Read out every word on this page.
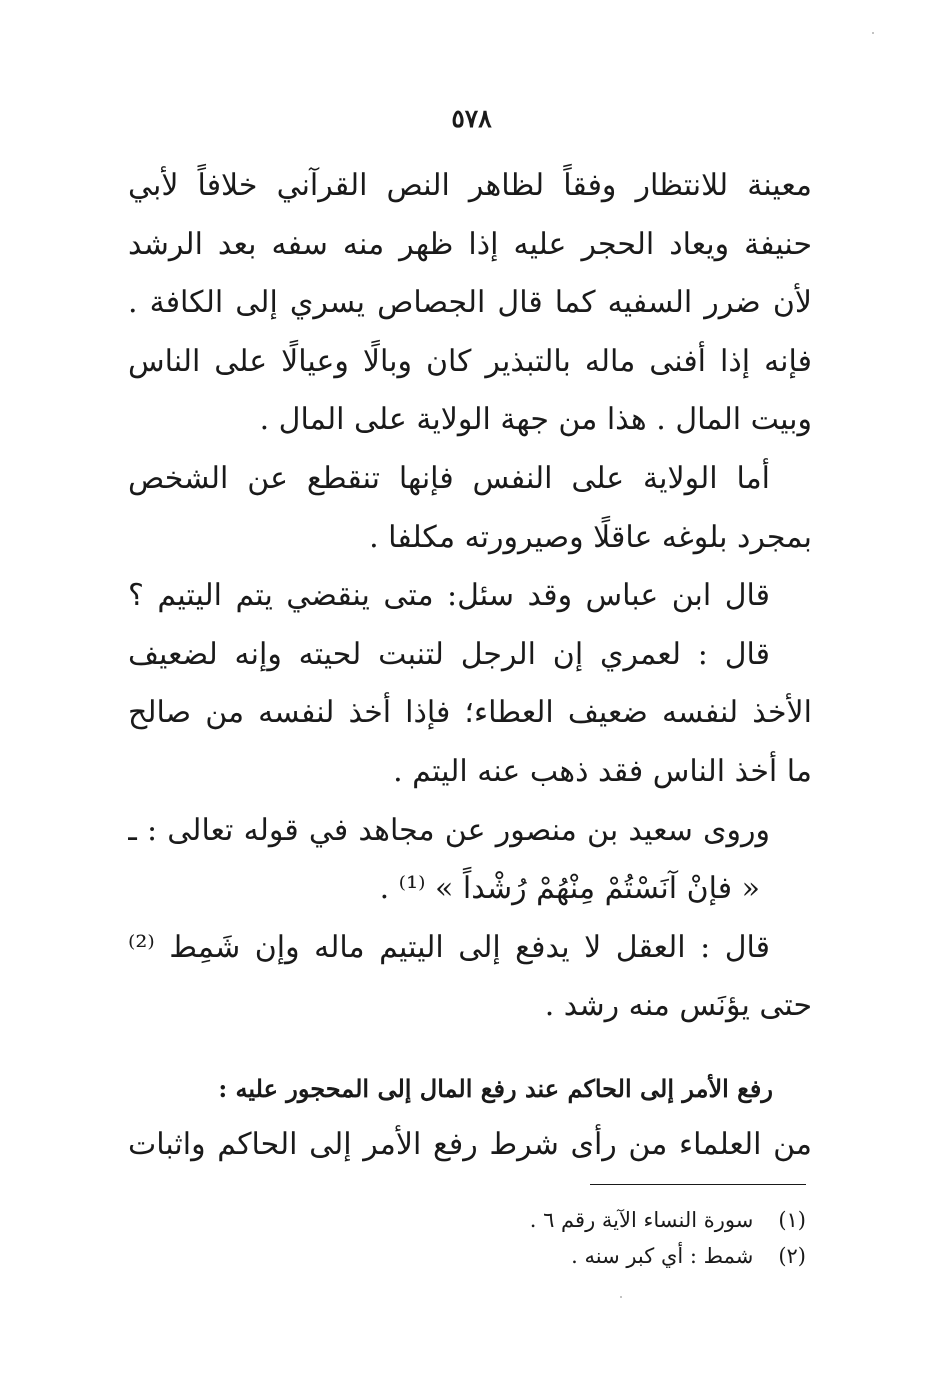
٥٧٨
معينة للانتظار وفقاً لظاهر النص القرآني خلافاً لأبي
حنيفة ويعاد الحجر عليه إذا ظهر منه سفه بعد الرشد
لأن ضرر السفيه كما قال الجصاص يسري إلى الكافة .
فإنه إذا أفنى ماله بالتبذير كان وبالًا وعيالًا على الناس
وبيت المال . هذا من جهة الولاية على المال .
أما الولاية على النفس فإنها تنقطع عن الشخص
بمجرد بلوغه عاقلًا وصيرورته مكلفا .
قال ابن عباس وقد سئل: متى ينقضي يتم اليتيم ؟
قال : لعمري إن الرجل لتنبت لحيته وإنه لضعيف
الأخذ لنفسه ضعيف العطاء؛ فإذا أخذ لنفسه من صالح
ما أخذ الناس فقد ذهب عنه اليتم .
وروى سعيد بن منصور عن مجاهد في قوله تعالى : ـ
« فإنْ آنَسْتُمْ مِنْهُمْ رُشْداً » ⁽¹⁾ .
قال : العقل لا يدفع إلى اليتيم ماله وإن شَمِط ⁽²⁾
حتى يؤنَس منه رشد .
رفع الأمر إلى الحاكم عند رفع المال إلى المحجور عليه :
من العلماء من رأى شرط رفع الأمر إلى الحاكم واثبات
(١) سورة النساء الآية رقم ٦ .
(٢) شمط : أي كبر سنه .
